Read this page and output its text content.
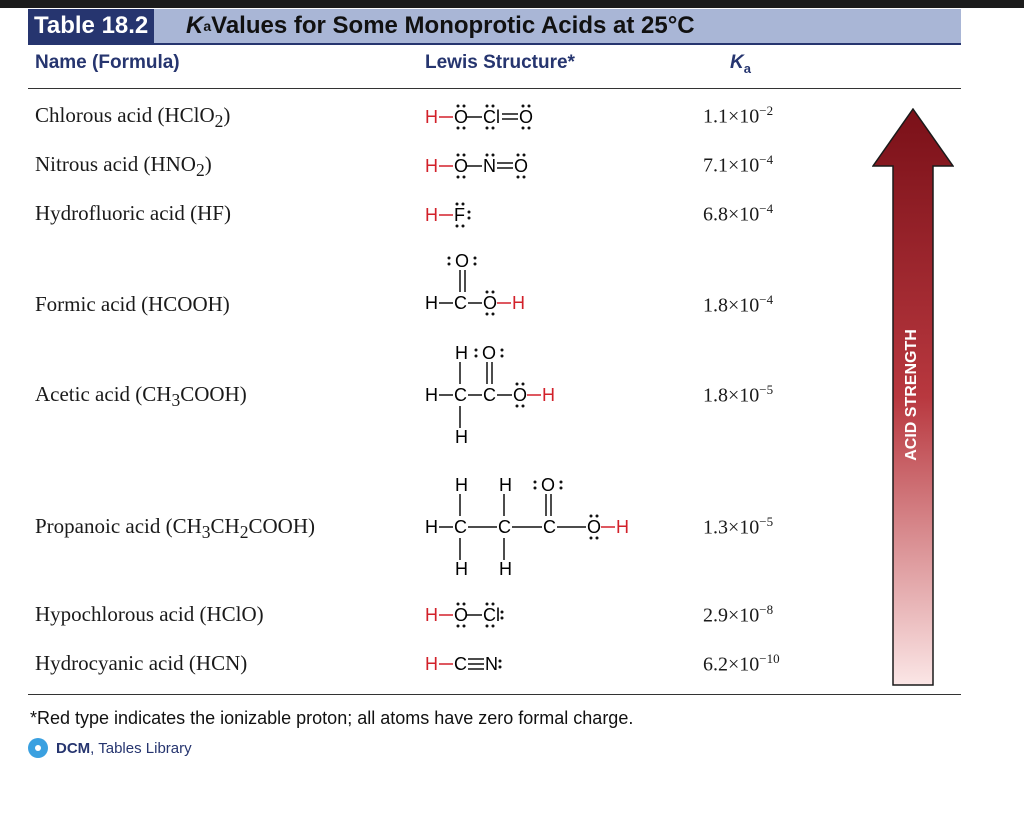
Table 18.2 K a Values for Some Monoprotic Acids at 25°C
Name (Formula)	Lewis Structure*	$K_a$
Chlorous acid (HClO$_2$)
Nitrous acid $(HNO_2)$
Hydrofluoric acid (HF)
Formic acid (HCOOH)
Acetic acid $(CH_3COOH)$
Propanoic acid $(CH_3CH_2COOH)$
Hypochlorous acid (HClO)
Hydrocyanic acid (HCN)
$1.1\times 10^{-2}$
$7.1\times 10^{-4}$
$6.8\times 10^{-4}$
$1.8\times 10^{-4}$
$1.8\times 10^{-5}$
$1.3\times 10^{-5}$
$2.9\times 10^{-8}$
$6.2\times 10^{-10}$
H O Cl O
H O N O
H F
H C
O
O H
H
H C
H
O
C O H
H H O
H C C C O H
H H
H O Cl
H C N
ACID STRENGTH
*Red type indicates the ionizable proton; all atoms have zero formal charge.
DCM , Tables Library
